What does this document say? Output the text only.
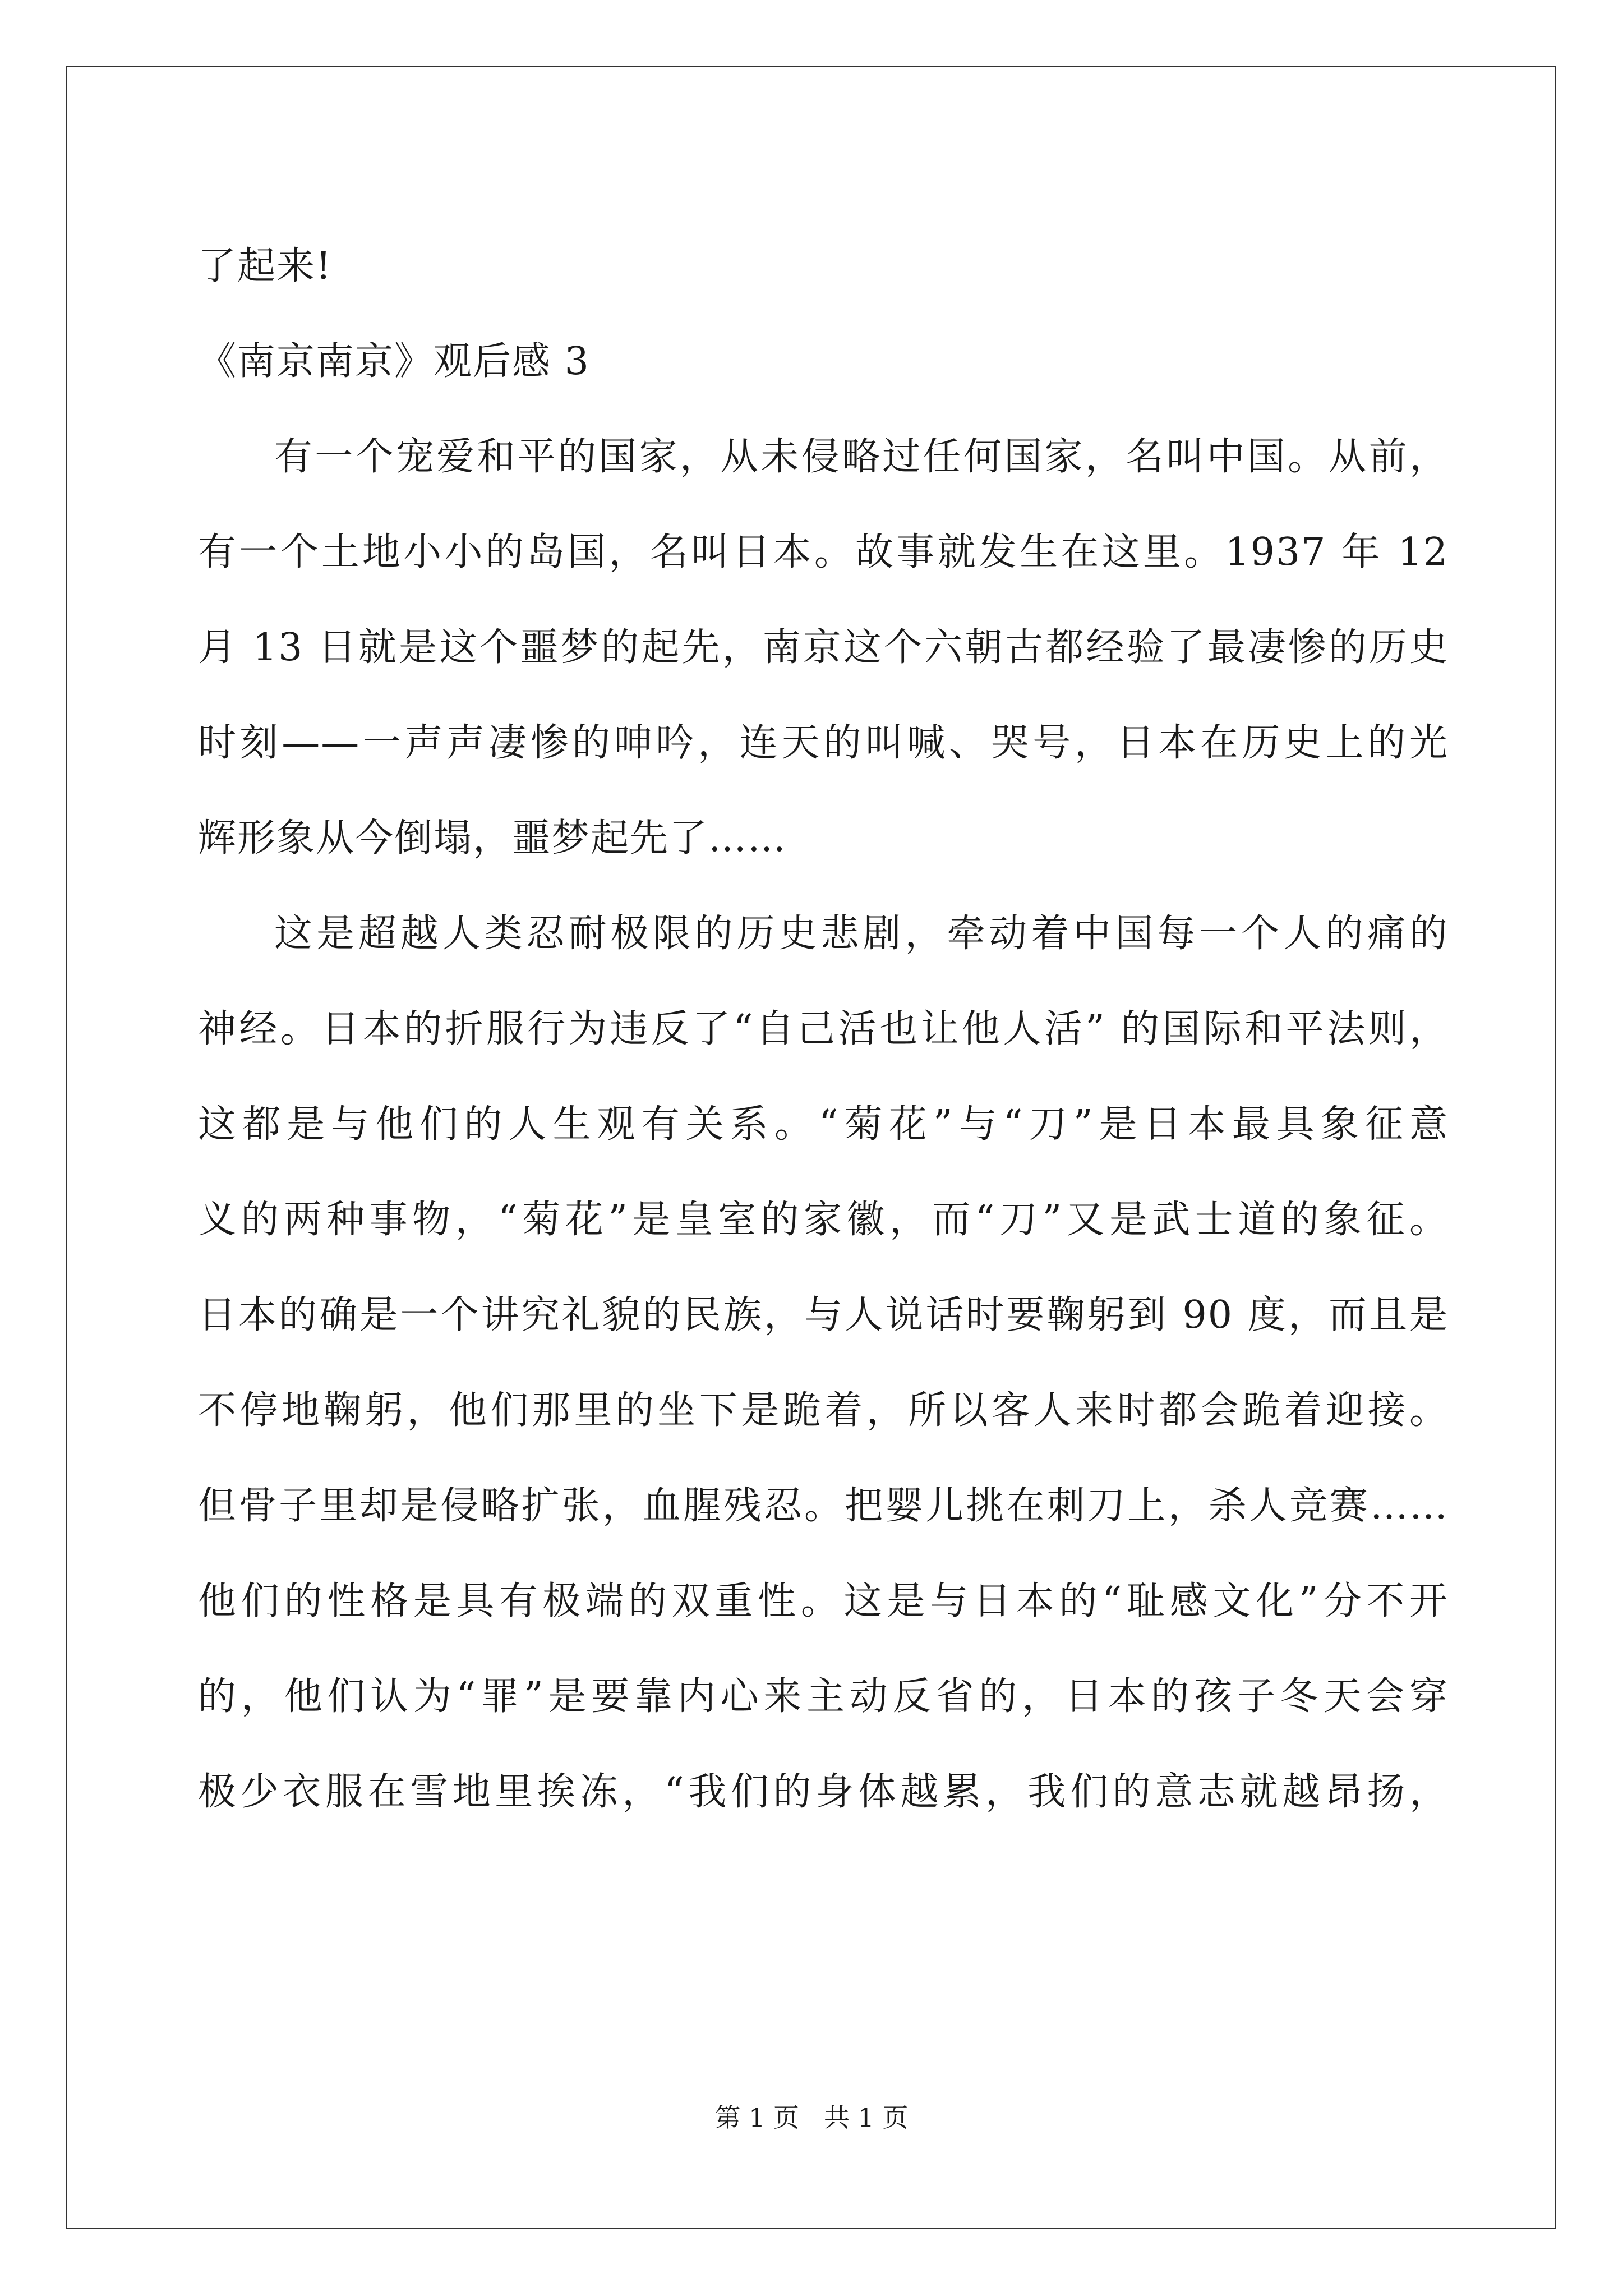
了起来!
《南京南京》观后感 3
有一个宠爱和平的国家，从未侵略过任何国家，名叫中国。从前，
有一个土地小小的岛国，名叫日本。故事就发生在这里。1937 年 12
月 13 日就是这个噩梦的起先，南京这个六朝古都经验了最凄惨的历史
时刻——一声声凄惨的呻吟，连天的叫喊、哭号，日本在历史上的光
辉形象从今倒塌，噩梦起先了……
这是超越人类忍耐极限的历史悲剧，牵动着中国每一个人的痛的
神经。日本的折服行为违反了“自己活也让他人活” 的国际和平法则，
这都是与他们的人生观有关系。“菊花”与“刀”是日本最具象征意
义的两种事物，“菊花”是皇室的家徽，而“刀”又是武士道的象征。
日本的确是一个讲究礼貌的民族，与人说话时要鞠躬到 90 度，而且是
不停地鞠躬，他们那里的坐下是跪着，所以客人来时都会跪着迎接。
但骨子里却是侵略扩张，血腥残忍。把婴儿挑在刺刀上，杀人竞赛……
他们的性格是具有极端的双重性。这是与日本的“耻感文化”分不开
的，他们认为“罪”是要靠内心来主动反省的，日本的孩子冬天会穿
极少衣服在雪地里挨冻，“我们的身体越累，我们的意志就越昂扬，
第 1 页 共 1 页
